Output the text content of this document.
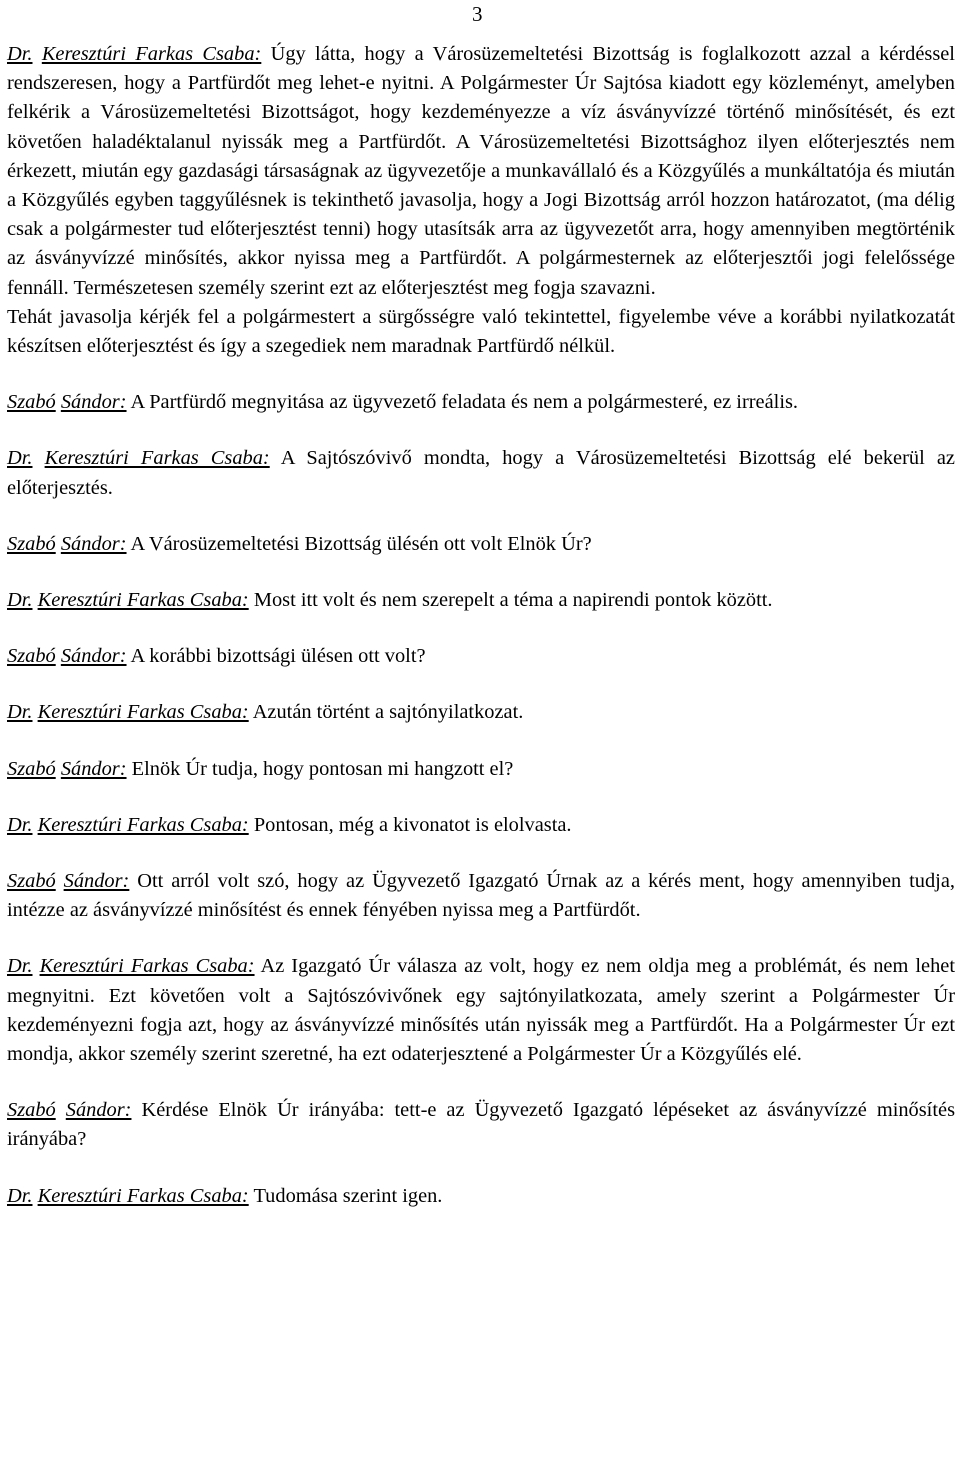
3

Dr. Keresztúri Farkas Csaba: Úgy látta, hogy a Városüzemeltetési Bizottság is foglalkozott azzal a kérdéssel rendszeresen, hogy a Partfürdőt meg lehet-e nyitni. A Polgármester Úr Sajtósa kiadott egy közleményt, amelyben felkérik a Városüzemeltetési Bizottságot, hogy kezdeményezze a víz ásványvízzé történő minősítését, és ezt követően haladéktalanul nyissák meg a Partfürdőt. A Városüzemeltetési Bizottsághoz ilyen előterjesztés nem érkezett, miután egy gazdasági társaságnak az ügyvezetője a munkavállaló és a Közgyűlés a munkáltatója és miután a Közgyűlés egyben taggyűlésnek is tekinthető javasolja, hogy a Jogi Bizottság arról hozzon határozatot, (ma délig csak a polgármester tud előterjesztést tenni) hogy utasítsák arra az ügyvezetőt arra, hogy amennyiben megtörténik az ásványvízzé minősítés, akkor nyissa meg a Partfürdőt. A polgármesternek az előterjesztői jogi felelőssége fennáll. Természetesen személy szerint ezt az előterjesztést meg fogja szavazni.

Tehát javasolja kérjék fel a polgármestert a sürgősségre való tekintettel, figyelembe véve a korábbi nyilatkozatát készítsen előterjesztést és így a szegediek nem maradnak Partfürdő nélkül.

Szabó Sándor: A Partfürdő megnyitása az ügyvezető feladata és nem a polgármesteré, ez irreális.

Dr. Keresztúri Farkas Csaba: A Sajtószóvivő mondta, hogy a Városüzemeltetési Bizottság elé bekerül az előterjesztés.

Szabó Sándor: A Városüzemeltetési Bizottság ülésén ott volt Elnök Úr?

Dr. Keresztúri Farkas Csaba: Most itt volt és nem szerepelt a téma a napirendi pontok között.

Szabó Sándor: A korábbi bizottsági ülésen ott volt?

Dr. Keresztúri Farkas Csaba: Azután történt a sajtónyilatkozat.

Szabó Sándor: Elnök Úr tudja, hogy pontosan mi hangzott el?

Dr. Keresztúri Farkas Csaba: Pontosan, még a kivonatot is elolvasta.

Szabó Sándor: Ott arról volt szó, hogy az Ügyvezető Igazgató Úrnak az a kérés ment, hogy amennyiben tudja, intézze az ásványvízzé minősítést és ennek fényében nyissa meg a Partfürdőt.

Dr. Keresztúri Farkas Csaba: Az Igazgató Úr válasza az volt, hogy ez nem oldja meg a problémát, és nem lehet megnyitni. Ezt követően volt a Sajtószóvivőnek egy sajtónyilatkozata, amely szerint a Polgármester Úr kezdeményezni fogja azt, hogy az ásványvízzé minősítés után nyissák meg a Partfürdőt. Ha a Polgármester Úr ezt mondja, akkor személy szerint szeretné, ha ezt odaterjesztené a Polgármester Úr a Közgyűlés elé.

Szabó Sándor: Kérdése Elnök Úr irányába: tett-e az Ügyvezető Igazgató lépéseket az ásványvízzé minősítés irányába?

Dr. Keresztúri Farkas Csaba: Tudomása szerint igen.
